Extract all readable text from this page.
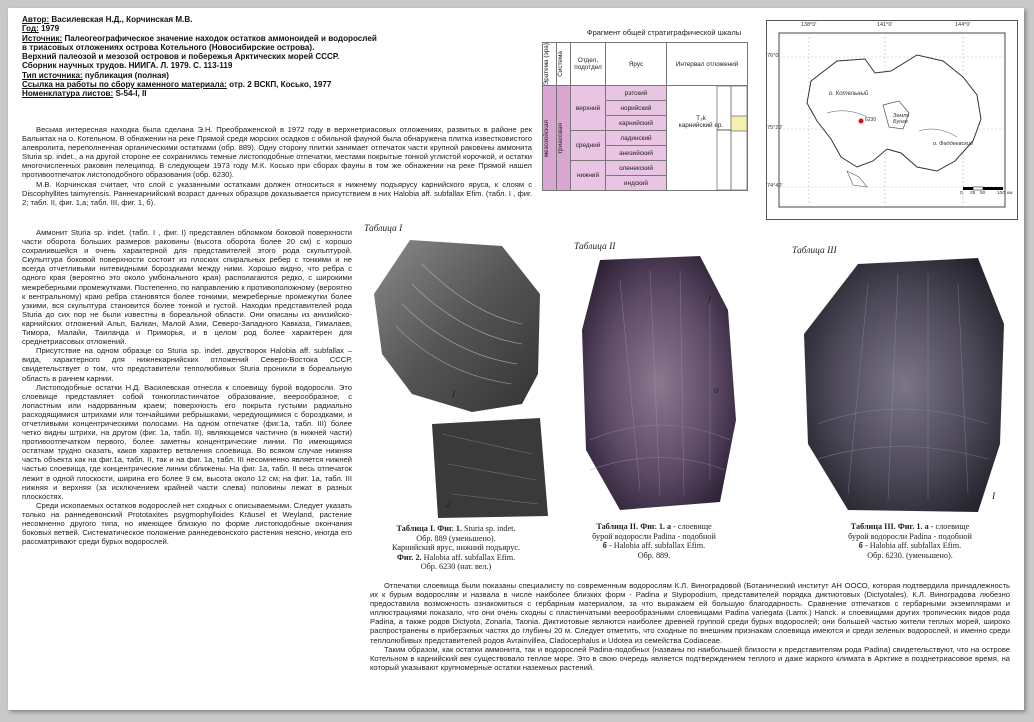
Автор: Василевская Н.Д., Корчинская М.В.
Год: 1979
Источник: Палеогеографическое значение находок остатков аммоноидей и водорослей
в триасовых отложениях острова Котельного (Новосибирские острова).
Верхний палеозой и мезозой островов и побережья Арктических морей СССР.
Сборник научных трудов. НИИГА. Л. 1979. С. 113-119
Тип источника: публикация (полная)
Ссылка на работы по сбору каменного материала: отр. 2 ВСКП, Косько, 1977
Номенклатура листов: S-54-I, II

Весьма интересная находка была сделана Э.Н. Преображенской в 1972 году в верхнетриасовых отложениях, развитых в районе рек Балыктах на о. Котельном. В обнажении на реке Прямой среди морских осадков с обильной фауной была обнаружена плитка известковистого алевролита, переполненная органическими остатками (обр. 889). Одну сторону плитки занимает отпечаток части крупной раковины аммонита Sturia sp. indet., а на другой стороне ее сохранились темные листоподобные отпечатки, местами покрытые тонкой углистой корочкой, и остатки многочисленных раковин пелеципод. В следующем 1973 году М.К. Косько при сборах фауны в том же обнажении на реке Прямой нашел противоотпечаток листоподобного образования (обр. 6230).

М.В. Корчинская считает, что слой с указанными остатками должен относиться к нижнему подъярусу карнийского яруса, к слоям с Discophyllites taimyrensis. Раннекарнийский возраст данных образцов доказывается присутствием в них Halobia aff. subfallax Efim. (табл. I , фиг. 2; табл. II, фиг. 1,а; табл. III, фиг. 1, б).

Аммонит Sturia sp. indet. (табл. I , фиг. I) представлен обломком боковой поверхности части оборота больших размеров раковины (высота оборота более 20 см) с хорошо сохранившейся и очень характерной для представителей этого рода скульптурой. Скульптура боковой поверхности состоит из плоских спиральных ребер с тонкими и не всегда отчетливыми нитевидными бороздками между ними. Хорошо видно, что ребра с одного края (вероятно это около умбонального края) располагаются редко, с широкими межреберными промежутками. Постепенно, по направлению к противоположному (вероятно к вентральному) краю ребра становятся более тонкими, межреберные промежутки более узкими, вся скульптура становится более тонкой и густой. Находки представителей рода Sturia до сих пор не были известны в бореальной области. Они описаны из анизийско-карнийских отложений Альп, Балкан, Малой Азии, Северо-Западного Кавказа, Гималаев, Тимора, Малайи, Таиланда и Приморья, и в целом род более характерен для среднетриасовых отложений.

Присутствие на одном образце со Sturia sp. indet. двустворок Halobia aff. subfallax – вида, характерного для нижнекарнийских отложений Северо-Востока СССР, свидетельствует о том, что представители тепполюбивых Sturia проникли в бореальную область в раннем карнии.

Листоподобные остатки Н.Д. Василевская отнесла к слоевищу бурой водоросли. Это слоевище представляет собой тонкопластинчатое образование, веерообразное, с лопастным или надорванным краем; поверхность его покрыта густыми радиально расходящимися штрихами или тончайшими ребрышками, чередующимися с бороздками, и отчетливыми концентрическими полосами. На одном отпечатке (фиг.1а, табл. III) более четко видны штрихи, на другом (фиг. 1а, табл. II), являющемся частично (в нижней части) противоотпечатком первого, более заметны концентрические линии. По имеющимся остаткам трудно сказать, каков характер ветвления слоевища. Во всяком случае нижняя часть объекта как на фиг.1а, табл. II, так и на фиг. 1а, табл. III несомненно является нижней частью слоевища, где концентрические линии сближены. На фиг. 1а, табл. II весь отпечаток лежит в одной плоскости, ширина его более 9 см, высота около 12 см; на фиг. 1а, табл. III нижняя и верхняя (за исключением крайней части слева) половины лежат в разных плоскостях.

Среди ископаемых остатков водорослей нет сходных с описываемыми. Следует указать только на раннедевонский Prototaxites psygmophylloides Kräusel et Weyland, растение несомненно другого типа, но имеющее близкую по форме листоподобные окончания боковых ветвей. Систематическое положение раннедевонского растения неясно, иногда его рассматривают среди бурых водорослей.

Фрагмент общей стратиграфической шкалы
Эратема (эра)	Система	Отдел, подотдел	Ярус	Интервал отложений

мезозойская	триасовая	верхний	рэтский	T₃k
карнийский яр.

			норийский	
			карнийский	
		средний	ладинский	
			анизийский	
		нижний	оленекский	
			индский	
138°0'	141°0'	144°0'
76°0'
75°20'
74°40'
о. Котельный
Земля Бунге
о. Фаддеевский
6230
0 25 50 100 км
Таблица I
I
2
Таблица I. Фиг. 1. Sturia sp. indet.
Обр. 889 (уменьшено).
Карнийский ярус, нижний подъярус.
Фиг. 2. Halobia aff. subfallax Efim.
Обр. 6230 (нат. вел.)
Таблица II
I
а
Таблица II. Фиг. 1. а - слоевище
бурой водоросли Padina - подобной
б - Halobia aff. subfallax Efim.
Обр. 889.
Таблица III
I
Таблица III. Фиг. 1. а - слоевище
бурой водоросли Padina - подобной
б - Halobia aff. subfallax Efim.
Обр. 6230. (уменьшено).

Отпечатки слоевища были показаны специалисту по современным водорослям К.Л. Виноградовой (Ботанический институт АН ООСО, которая подтвердила принадлежность их к бурым водорослям и назвала в числе наиболее близких форм - Padina и Stypopodium, представителей порядка диктиотовых (Dictyotales). К.Л. Виноградова любезно предоставила возможность ознакомиться с гербарным материалом, за что выражаем ей большую благодарность. Сравнение отпечатков с гербарными экземплярами и иллюстрациями показало, что они очень сходны с пластинчатыми веерообразными слоевищами Padina variegata (Lamx.) Hanck. и слоевищами других тропических видов рода Padina, а также родов Dictyota, Zonaria, Taonia. Диктиотовые являются наиболее древней группой среди бурых водорослей; они большей частью жители теплых морей, широко распространены в приберзкных частях до глубины 20 м. Следует отметить, что сходные по внешним признакам слоевища имеются и среди зеленых водорослей, и именно среди теплолюбивых представителей родов Avrainvillea, Cladocephalus и Udotea из семейства Codiaceae.

Таким образом, как остатки аммонита, так и водорослей Padina-подобных (названы по наибольшей близости к представителям рода Padina) свидетельствуют, что на острове Котельном в карнийский век существовало теплое море. Это в свою очередь является подтверждением теплого и даже жаркого климата в Арктике в позднетриасовое время, на который указывают крупномерные остатки наземных растений.
